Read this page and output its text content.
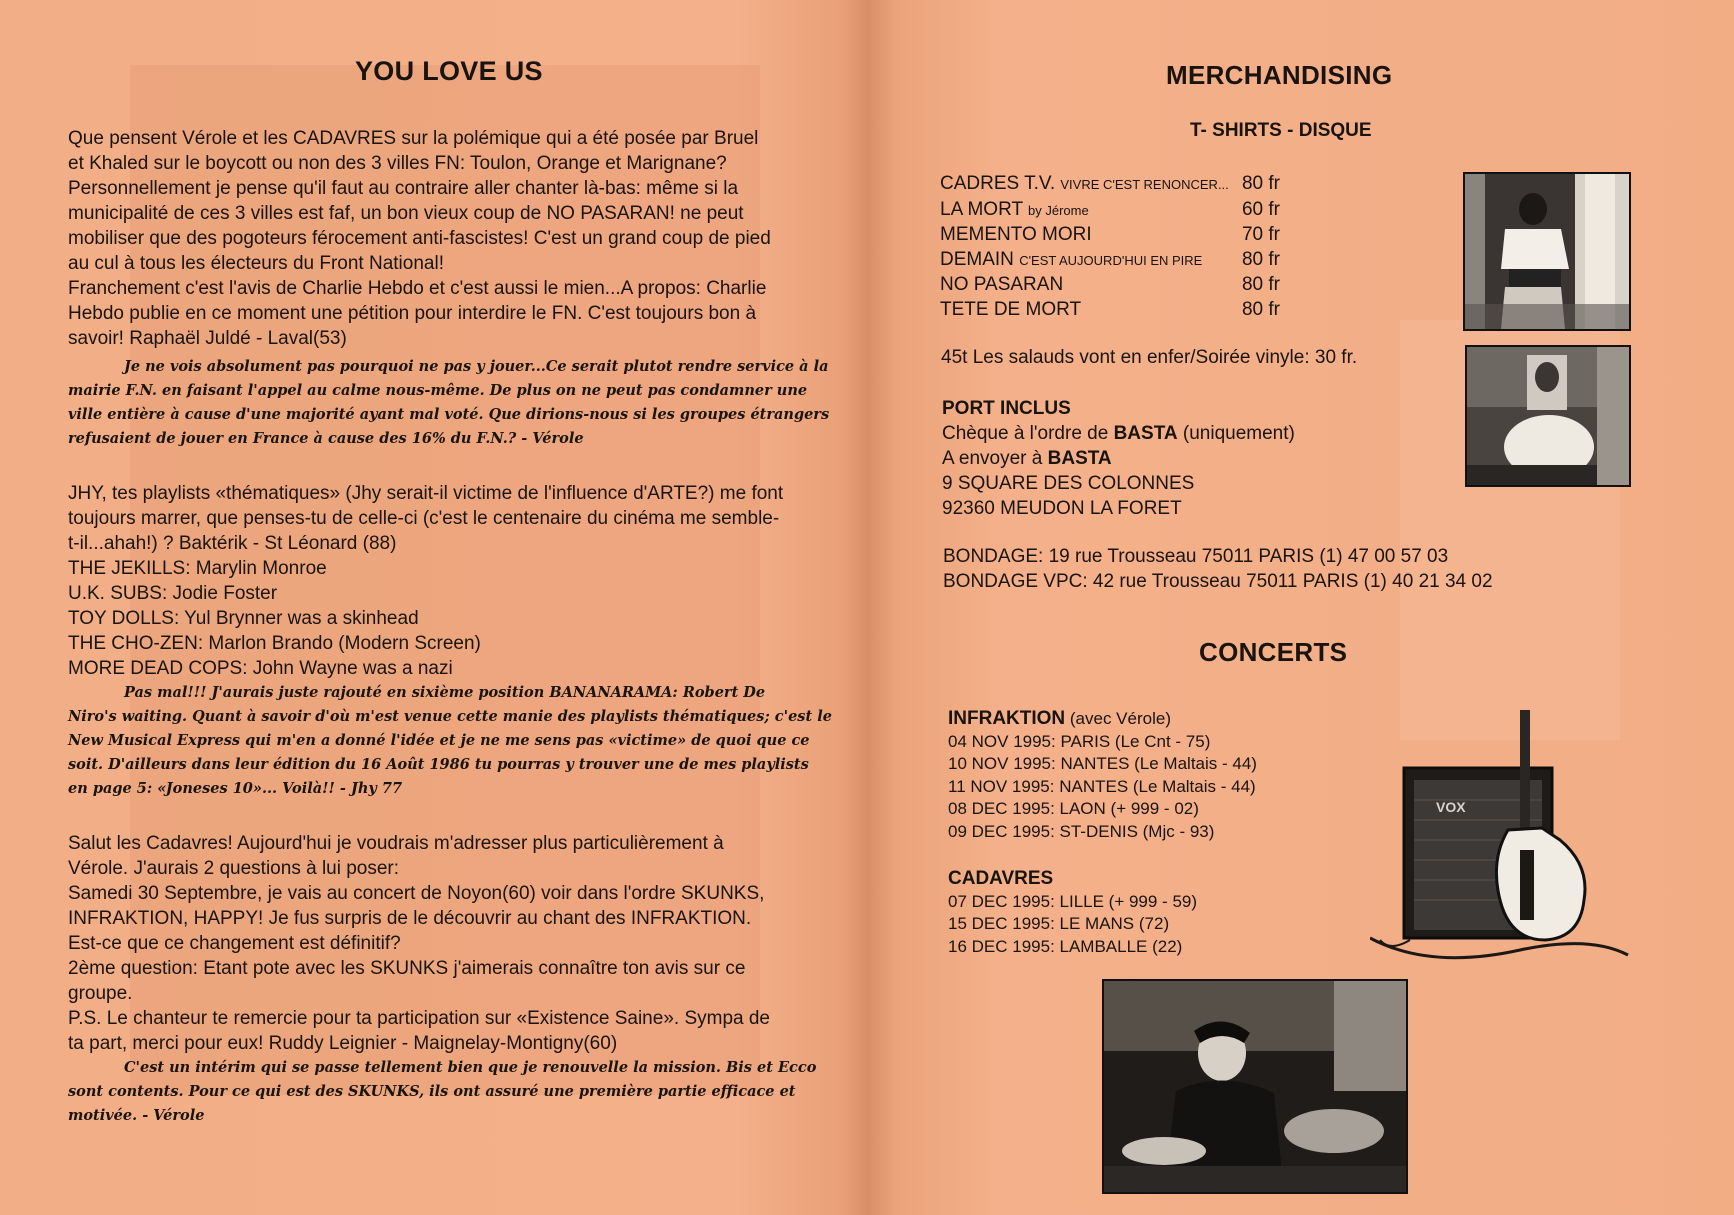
YOU LOVE US

Que pensent Vérole et les CADAVRES sur la polémique qui a été posée par Bruel
et Khaled sur le boycott ou non des 3 villes FN: Toulon, Orange et Marignane?
Personnellement je pense qu'il faut au contraire aller chanter là-bas: même si la
municipalité de ces 3 villes est faf, un bon vieux coup de NO PASARAN! ne peut
mobiliser que des pogoteurs férocement anti-fascistes! C'est un grand coup de pied
au cul à tous les électeurs du Front National!
Franchement c'est l'avis de Charlie Hebdo et c'est aussi le mien...A propos: Charlie
Hebdo publie en ce moment une pétition pour interdire le FN. C'est toujours bon à
savoir! Raphaël Juldé - Laval(53)

Je ne vois absolument pas pourquoi ne pas y jouer...Ce serait plutot rendre service à la
mairie F.N. en faisant l'appel au calme nous-même. De plus on ne peut pas condamner une
ville entière à cause d'une majorité ayant mal voté. Que dirions-nous si les groupes étrangers
refusaient de jouer en France à cause des 16% du F.N.? - Vérole

JHY, tes playlists «thématiques» (Jhy serait-il victime de l'influence d'ARTE?) me font
toujours marrer, que penses-tu de celle-ci (c'est le centenaire du cinéma me semble-
t-il...ahah!) ? Baktérik - St Léonard (88)
THE JEKILLS: Marylin Monroe
U.K. SUBS: Jodie Foster
TOY DOLLS: Yul Brynner was a skinhead
THE CHO-ZEN: Marlon Brando (Modern Screen)
MORE DEAD COPS: John Wayne was a nazi

Pas mal!!! J'aurais juste rajouté en sixième position BANANARAMA: Robert De
Niro's waiting. Quant à savoir d'où m'est venue cette manie des playlists thématiques; c'est le
New Musical Express qui m'en a donné l'idée et je ne me sens pas «victime» de quoi que ce
soit. D'ailleurs dans leur édition du 16 Août 1986 tu pourras y trouver une de mes playlists
en page 5: «Joneses 10»... Voilà!! - Jhy 77

Salut les Cadavres! Aujourd'hui je voudrais m'adresser plus particulièrement à
Vérole. J'aurais 2 questions à lui poser:
Samedi 30 Septembre, je vais au concert de Noyon(60) voir dans l'ordre SKUNKS,
INFRAKTION, HAPPY! Je fus surpris de le découvrir au chant des INFRAKTION.
Est-ce que ce changement est définitif?
2ème question: Etant pote avec les SKUNKS j'aimerais connaître ton avis sur ce
groupe.
P.S. Le chanteur te remercie pour ta participation sur «Existence Saine». Sympa de
ta part, merci pour eux! Ruddy Leignier - Maignelay-Montigny(60)

C'est un intérim qui se passe tellement bien que je renouvelle la mission. Bis et Ecco
sont contents. Pour ce qui est des SKUNKS, ils ont assuré une première partie efficace et
motivée. - Vérole

MERCHANDISING
T- SHIRTS - DISQUE
CADRES T.V. VIVRE C'EST RENONCER... 80 fr
LA MORT by Jérome	60 fr
MEMENTO MORI	70 fr
DEMAIN C'EST AUJOURD'HUI EN PIRE 80 fr
NO PASARAN	80 fr
TETE DE MORT	80 fr
45t Les salauds vont en enfer/Soirée vinyle: 30 fr.
PORT INCLUS
Chèque à l'ordre de BASTA (uniquement)
A envoyer à BASTA
9 SQUARE DES COLONNES
92360 MEUDON LA FORET
BONDAGE: 19 rue Trousseau 75011 PARIS (1) 47 00 57 03
BONDAGE VPC: 42 rue Trousseau 75011 PARIS (1) 40 21 34 02
CONCERTS
INFRAKTION (avec Vérole)
04 NOV 1995: PARIS (Le Cnt - 75)
10 NOV 1995: NANTES (Le Maltais - 44)
11 NOV 1995: NANTES (Le Maltais - 44)
08 DEC 1995: LAON (+ 999 - 02)
09 DEC 1995: ST-DENIS (Mjc - 93)
CADAVRES
07 DEC 1995: LILLE (+ 999 - 59)
15 DEC 1995: LE MANS (72)
16 DEC 1995: LAMBALLE (22)
VOX
